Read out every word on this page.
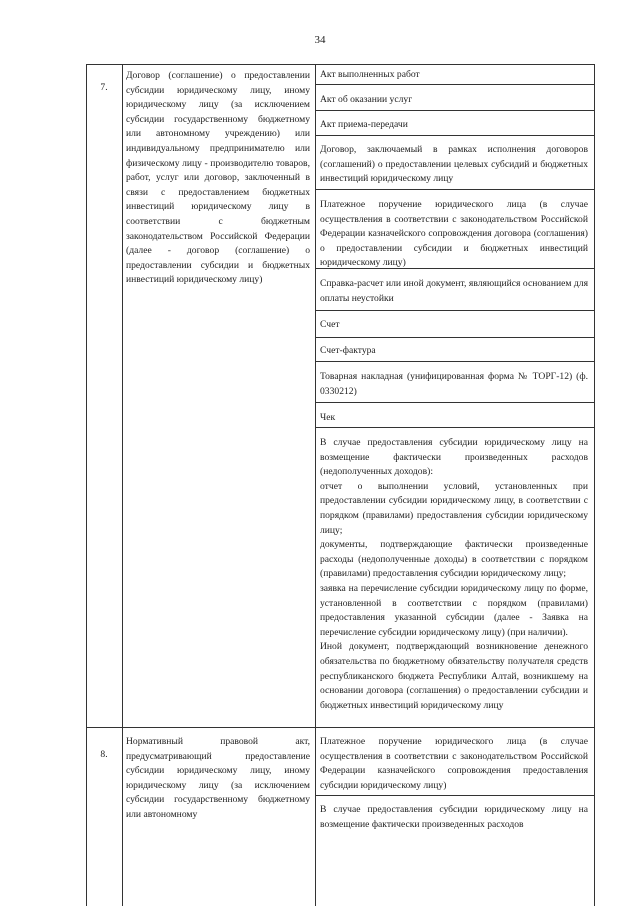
34
7.
Договор (соглашение) о предоставлении субсидии юридическому лицу, иному юридическому лицу (за исключением субсидии государственному бюджетному или автономному учреждению) или индивидуальному предпринимателю или физическому лицу - производителю товаров, работ, услуг или договор, заключенный в связи с предоставлением бюджетных инвестиций юридическому лицу в соответствии с бюджетным законодательством Российской Федерации (далее - договор (соглашение) о предоставлении субсидии и бюджетных инвестиций юридическому лицу)
Акт выполненных работ
Акт об оказании услуг
Акт приема-передачи
Договор, заключаемый в рамках исполнения договоров (соглашений) о предоставлении целевых субсидий и бюджетных инвестиций юридическому лицу
Платежное поручение юридического лица (в случае осуществления в соответствии с законодательством Российской Федерации казначейского сопровождения договора (соглашения) о предоставлении субсидии и бюджетных инвестиций юридическому лицу)
Справка-расчет или иной документ, являющийся основанием для оплаты неустойки
Счет
Счет-фактура
Товарная накладная (унифицированная форма № ТОРГ-12) (ф. 0330212)
Чек

В случае предоставления субсидии юридическому лицу на возмещение фактически произведенных расходов (недополученных доходов):

отчет о выполнении условий, установленных при предоставлении субсидии юридическому лицу, в соответствии с порядком (правилами) предоставления субсидии юридическому лицу;

документы, подтверждающие фактически произведенные расходы (недополученные доходы) в соответствии с порядком (правилами) предоставления субсидии юридическому лицу;

заявка на перечисление субсидии юридическому лицу по форме, установленной в соответствии с порядком (правилами) предоставления указанной субсидии (далее - Заявка на перечисление субсидии юридическому лицу) (при наличии).

Иной документ, подтверждающий возникновение денежного обязательства по бюджетному обязательству получателя средств республиканского бюджета Республики Алтай, возникшему на основании договора (соглашения) о предоставлении субсидии и бюджетных инвестиций юридическому лицу

8.
Нормативный правовой акт, предусматривающий предоставление субсидии юридическому лицу, иному юридическому лицу (за исключением субсидии государственному бюджетному или автономному
Платежное поручение юридического лица (в случае осуществления в соответствии с законодательством Российской Федерации казначейского сопровождения предоставления субсидии юридическому лицу)
В случае предоставления субсидии юридическому лицу на возмещение фактически произведенных расходов
